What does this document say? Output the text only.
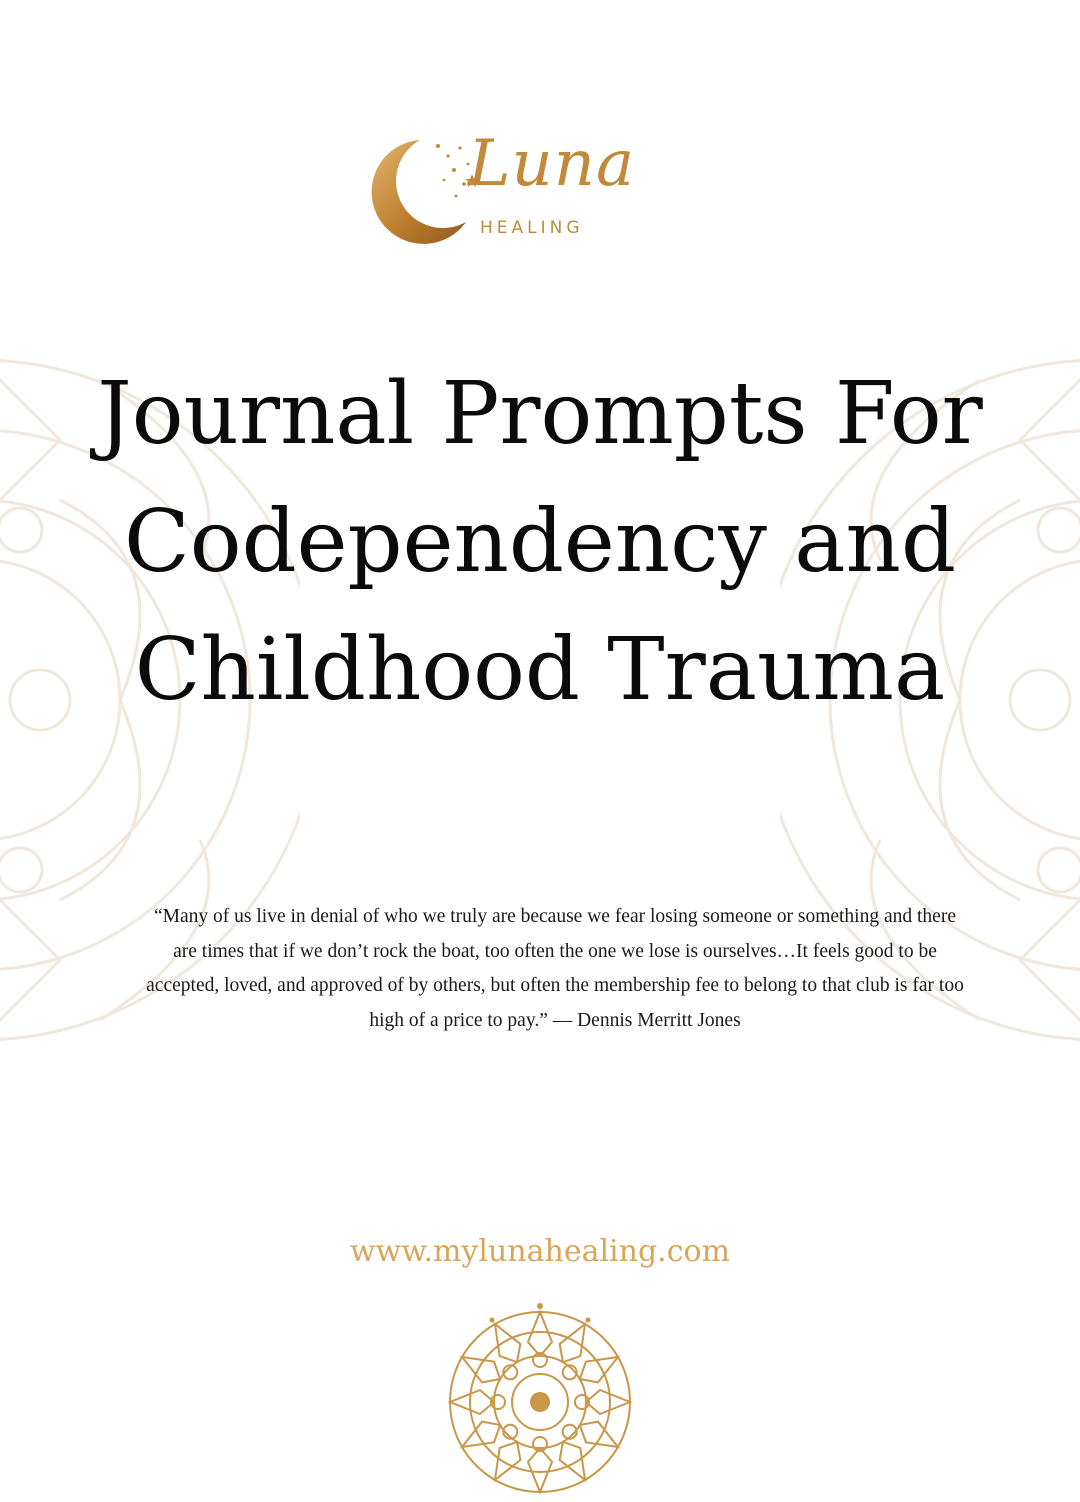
Luna
HEALING
Journal Prompts For
Codependency and
Childhood Trauma

“Many of us live in denial of who we truly are because we fear losing someone or something and there are times that if we don’t rock the boat, too often the one we lose is ourselves…It feels good to be accepted, loved, and approved of by others, but often the membership fee to belong to that club is far too high of a price to pay.” — Dennis Merritt Jones

www.mylunahealing.com
